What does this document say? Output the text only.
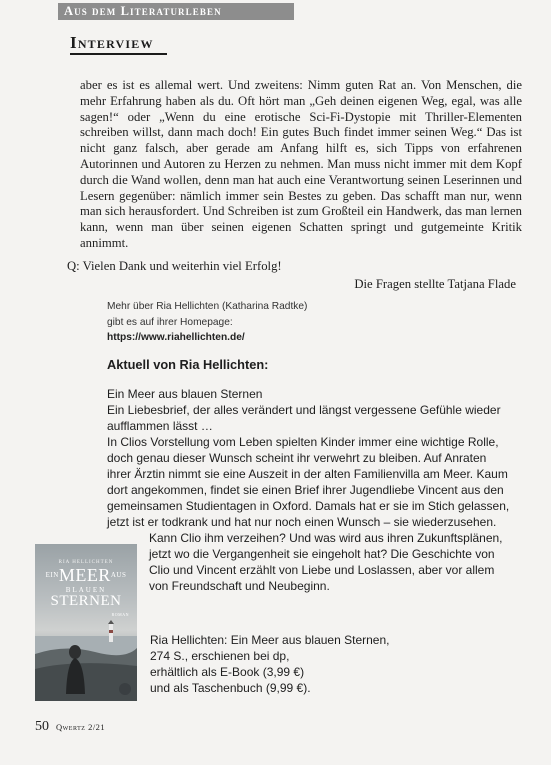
Aus dem Literaturleben
Interview
aber es ist es allemal wert. Und zweitens: Nimm guten Rat an. Von Menschen, die mehr Erfahrung haben als du. Oft hört man „Geh deinen eigenen Weg, egal, was alle sagen!“ oder „Wenn du eine erotische Sci-Fi-Dystopie mit Thriller-Elementen schreiben willst, dann mach doch! Ein gutes Buch findet immer seinen Weg.“ Das ist nicht ganz falsch, aber gerade am Anfang hilft es, sich Tipps von erfahrenen Autorinnen und Autoren zu Herzen zu nehmen. Man muss nicht immer mit dem Kopf durch die Wand wollen, denn man hat auch eine Verantwortung seinen Leserinnen und Lesern gegenüber: nämlich immer sein Bestes zu geben. Das schafft man nur, wenn man sich herausfordert. Und Schreiben ist zum Großteil ein Handwerk, das man lernen kann, wenn man über seinen eigenen Schatten springt und gutgemeinte Kritik annimmt.
Q: Vielen Dank und weiterhin viel Erfolg!
Die Fragen stellte Tatjana Flade
Mehr über Ria Hellichten (Katharina Radtke)
gibt es auf ihrer Homepage:
https://www.riahellichten.de/
Aktuell von Ria Hellichten:
Ein Meer aus blauen Sternen
Ein Liebesbrief, der alles verändert und längst vergessene Gefühle wieder
aufflammen lässt …
In Clios Vorstellung vom Leben spielten Kinder immer eine wichtige Rolle,
doch genau dieser Wunsch scheint ihr verwehrt zu bleiben. Auf Anraten
ihrer Ärztin nimmt sie eine Auszeit in der alten Familienvilla am Meer. Kaum
dort angekommen, findet sie einen Brief ihrer Jugendliebe Vincent aus den
gemeinsamen Studientagen in Oxford. Damals hat er sie im Stich gelassen,
jetzt ist er todkrank und hat nur noch einen Wunsch – sie wiederzusehen.
Kann Clio ihm verzeihen? Und was wird aus ihren Zukunftsplänen,
jetzt wo die Vergangenheit sie eingeholt hat? Die Geschichte von
Clio und Vincent erzählt von Liebe und Loslassen, aber vor allem
von Freundschaft und Neubeginn.
RIA HELLICHTEN
$^{EIN}MEER^{AUS}$
BLAUEN
STERNEN
ROMAN
Ria Hellichten: Ein Meer aus blauen Sternen,
274 S., erschienen bei dp,
erhältlich als E-Book (3,99 €)
und als Taschenbuch (9,99 €).
50 Qwertz 2/21
